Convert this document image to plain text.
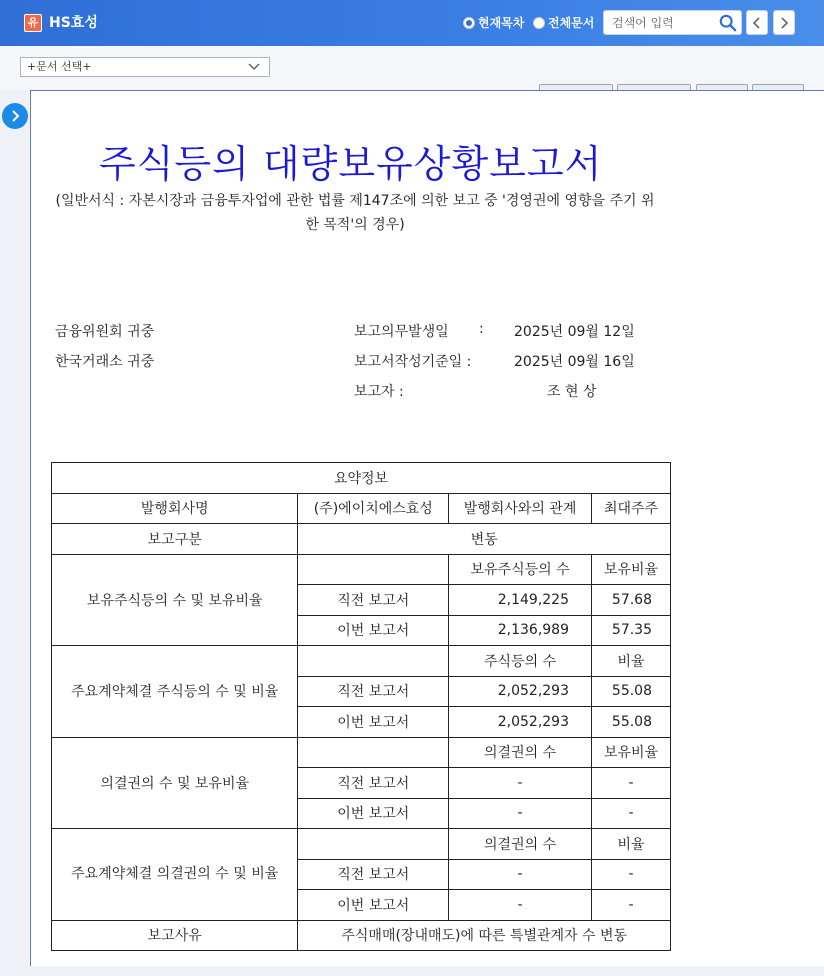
유 HS효성	현재목차 전체문서
검색어 입력
+문서 선택+
주식등의 대량보유상황보고서
(일반서식 : 자본시장과 금융투자업에 관한 법률 제147조에 의한 보고 중 '경영권에 영향을 주기 위한 목적'의 경우)
금융위원회 귀중
한국거래소 귀중
보고의무발생일 : 2025년 09월 12일
보고서작성기준일 :	2025년 09월 16일
보고자 :	조 현 상
요약정보			
발행회사명	(주)에이치에스효성	발행회사와의 관계	최대주주
보고구분	변동		
보유주식등의 수 및 보유비율		보유주식등의 수	보유비율
	직전 보고서	2,149,225	57.68
	이번 보고서	2,136,989	57.35
주요계약체결 주식등의 수 및 비율		주식등의 수	비율
	직전 보고서	2,052,293	55.08
	이번 보고서	2,052,293	55.08
의결권의 수 및 보유비율		의결권의 수	보유비율
	직전 보고서	-	-
	이번 보고서	-	-
주요계약체결 의결권의 수 및 비율		의결권의 수	비율
	직전 보고서	-	-
	이번 보고서	-	-
보고사유	주식매매(장내매도)에 따른 특별관계자 수 변동		
